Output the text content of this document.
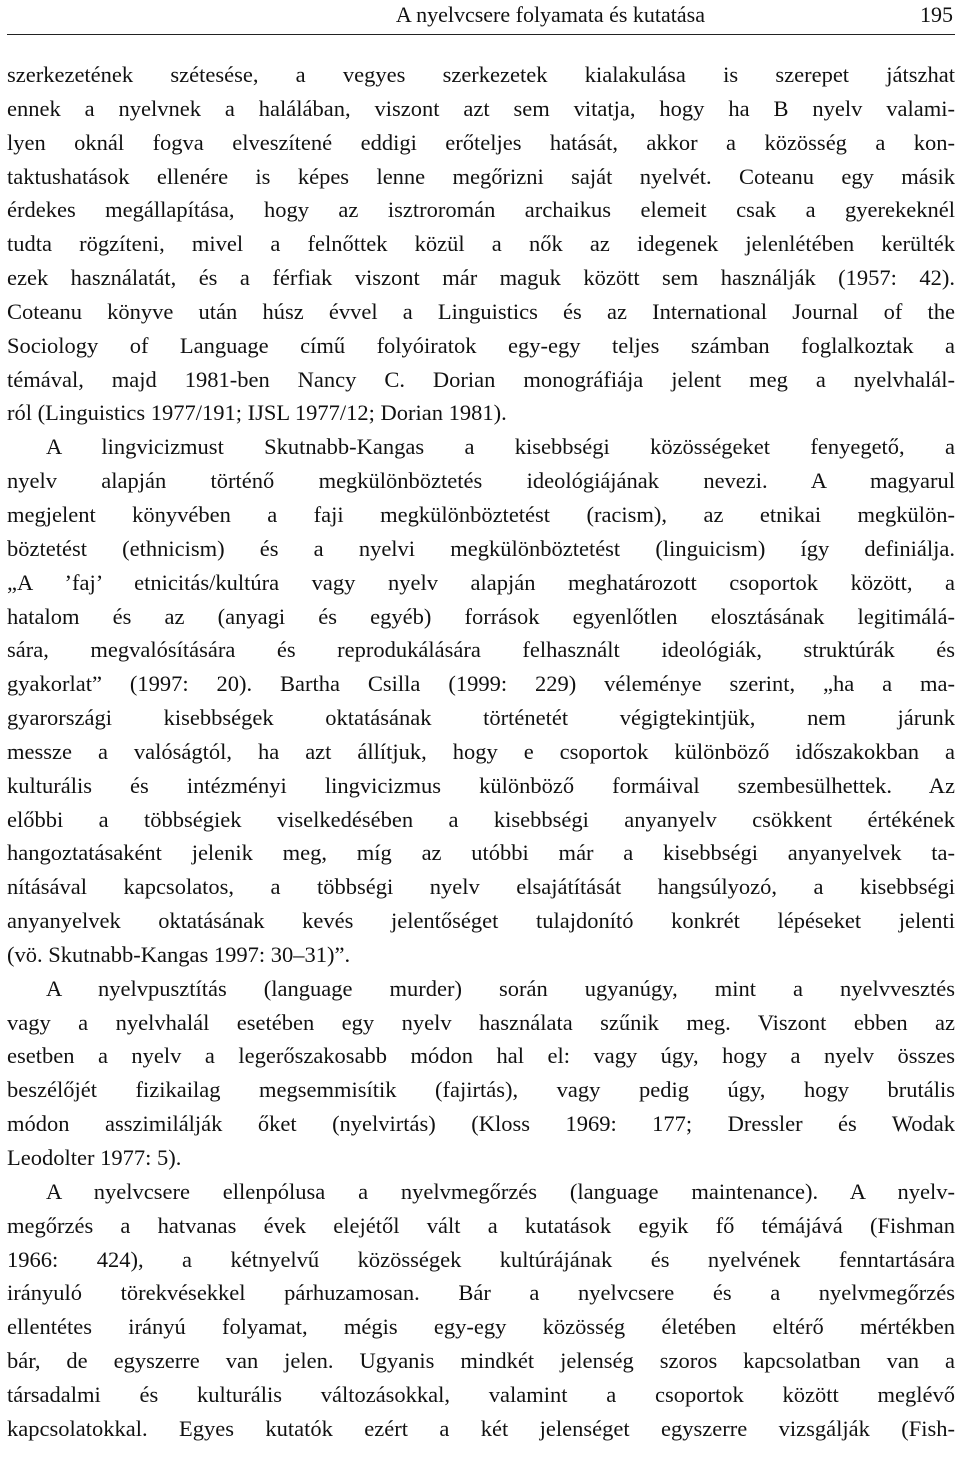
A nyelvcsere folyamata és kutatása	195
szerkezetének szétesése, a vegyes szerkezetek kialakulása is szerepet játszhat
ennek a nyelvnek a halálában, viszont azt sem vitatja, hogy ha B nyelv valami-
lyen oknál fogva elveszítené eddigi erőteljes hatását, akkor a közösség a kon-
taktushatások ellenére is képes lenne megőrizni saját nyelvét. Coteanu egy másik
érdekes megállapítása, hogy az isztroromán archaikus elemeit csak a gyerekeknél
tudta rögzíteni, mivel a felnőttek közül a nők az idegenek jelenlétében kerülték
ezek használatát, és a férfiak viszont már maguk között sem használják (1957: 42).
Coteanu könyve után húsz évvel a Linguistics és az International Journal of the
Sociology of Language című folyóiratok egy-egy teljes számban foglalkoztak a
témával, majd 1981-ben Nancy C. Dorian monográfiája jelent meg a nyelvhalál-
ról (Linguistics 1977/191; IJSL 1977/12; Dorian 1981).
A lingvicizmust Skutnabb-Kangas a kisebbségi közösségeket fenyegető, a
nyelv alapján történő megkülönböztetés ideológiájának nevezi. A magyarul
megjelent könyvében a faji megkülönböztetést (racism), az etnikai megkülön-
böztetést (ethnicism) és a nyelvi megkülönböztetést (linguicism) így definiálja.
„A ’faj’ etnicitás/kultúra vagy nyelv alapján meghatározott csoportok között, a
hatalom és az (anyagi és egyéb) források egyenlőtlen elosztásának legitimálá-
sára, megvalósítására és reprodukálására felhasznált ideológiák, struktúrák és
gyakorlat” (1997: 20). Bartha Csilla (1999: 229) véleménye szerint, „ha a ma-
gyarországi kisebbségek oktatásának történetét végigtekintjük, nem járunk
messze a valóságtól, ha azt állítjuk, hogy e csoportok különböző időszakokban a
kulturális és intézményi lingvicizmus különböző formáival szembesülhettek. Az
előbbi a többségiek viselkedésében a kisebbségi anyanyelv csökkent értékének
hangoztatásaként jelenik meg, míg az utóbbi már a kisebbségi anyanyelvek ta-
nításával kapcsolatos, a többségi nyelv elsajátítását hangsúlyozó, a kisebbségi
anyanyelvek oktatásának kevés jelentőséget tulajdonító konkrét lépéseket jelenti
(vö. Skutnabb-Kangas 1997: 30–31)”.
A nyelvpusztítás (language murder) során ugyanúgy, mint a nyelvvesztés
vagy a nyelvhalál esetében egy nyelv használata szűnik meg. Viszont ebben az
esetben a nyelv a legerőszakosabb módon hal el: vagy úgy, hogy a nyelv összes
beszélőjét fizikailag megsemmisítik (fajirtás), vagy pedig úgy, hogy brutális
módon asszimilálják őket (nyelvirtás) (Kloss 1969: 177; Dressler és Wodak
Leodolter 1977: 5).
A nyelvcsere ellenpólusa a nyelvmegőrzés (language maintenance). A nyelv-
megőrzés a hatvanas évek elejétől vált a kutatások egyik fő témájává (Fishman
1966: 424), a kétnyelvű közösségek kultúrájának és nyelvének fenntartására
irányuló törekvésekkel párhuzamosan. Bár a nyelvcsere és a nyelvmegőrzés
ellentétes irányú folyamat, mégis egy-egy közösség életében eltérő mértékben
bár, de egyszerre van jelen. Ugyanis mindkét jelenség szoros kapcsolatban van a
társadalmi és kulturális változásokkal, valamint a csoportok között meglévő
kapcsolatokkal. Egyes kutatók ezért a két jelenséget egyszerre vizsgálják (Fish-
